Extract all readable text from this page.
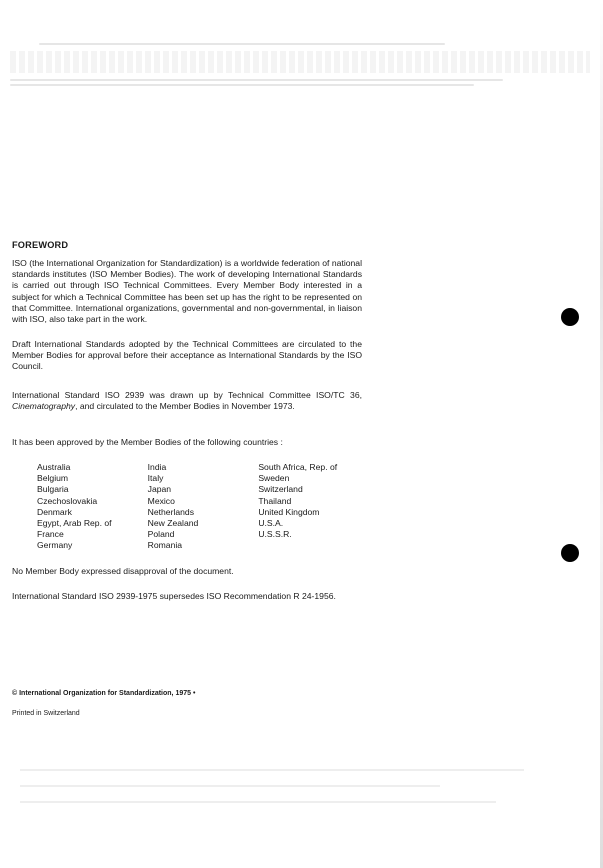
FOREWORD

ISO (the International Organization for Standardization) is a worldwide federation of national standards institutes (ISO Member Bodies). The work of developing International Standards is carried out through ISO Technical Committees. Every Member Body interested in a subject for which a Technical Committee has been set up has the right to be represented on that Committee. International organizations, governmental and non-governmental, in liaison with ISO, also take part in the work.

Draft International Standards adopted by the Technical Committees are circulated to the Member Bodies for approval before their acceptance as International Standards by the ISO Council.

International Standard ISO 2939 was drawn up by Technical Committee ISO/TC 36, Cinematography, and circulated to the Member Bodies in November 1973.

It has been approved by the Member Bodies of the following countries :

Australia
Belgium
Bulgaria
Czechoslovakia
Denmark
Egypt, Arab Rep. of
France
Germany
India
Italy
Japan
Mexico
Netherlands
New Zealand
Poland
Romania
South Africa, Rep. of
Sweden
Switzerland
Thailand
United Kingdom
U.S.A.
U.S.S.R.

No Member Body expressed disapproval of the document.

International Standard ISO 2939-1975 supersedes ISO Recommendation R 24-1956.

© International Organization for Standardization, 1975 •
Printed in Switzerland
